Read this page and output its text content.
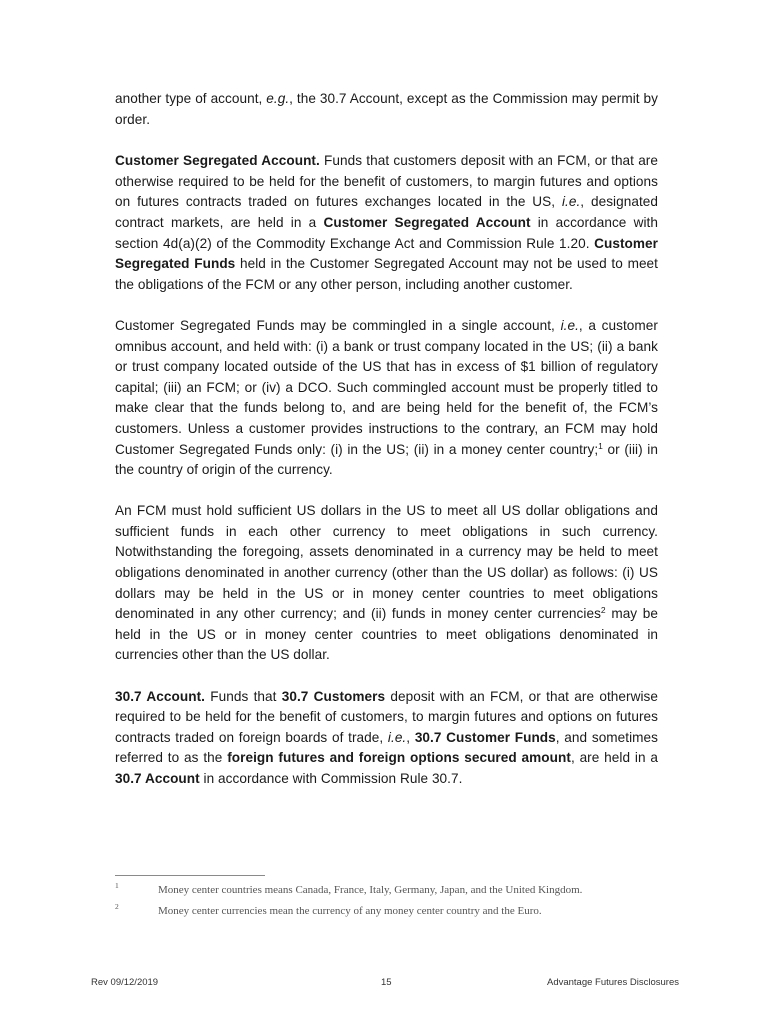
another type of account, e.g., the 30.7 Account, except as the Commission may permit by order.

Customer Segregated Account. Funds that customers deposit with an FCM, or that are otherwise required to be held for the benefit of customers, to margin futures and options on futures contracts traded on futures exchanges located in the US, i.e., designated contract markets, are held in a Customer Segregated Account in accordance with section 4d(a)(2) of the Commodity Exchange Act and Commission Rule 1.20. Customer Segregated Funds held in the Customer Segregated Account may not be used to meet the obligations of the FCM or any other person, including another customer.

Customer Segregated Funds may be commingled in a single account, i.e., a customer omnibus account, and held with: (i) a bank or trust company located in the US; (ii) a bank or trust company located outside of the US that has in excess of $1 billion of regulatory capital; (iii) an FCM; or (iv) a DCO. Such commingled account must be properly titled to make clear that the funds belong to, and are being held for the benefit of, the FCM’s customers. Unless a customer provides instructions to the contrary, an FCM may hold Customer Segregated Funds only: (i) in the US; (ii) in a money center country;$^1$ or (iii) in the country of origin of the currency.

An FCM must hold sufficient US dollars in the US to meet all US dollar obligations and sufficient funds in each other currency to meet obligations in such currency. Notwithstanding the foregoing, assets denominated in a currency may be held to meet obligations denominated in another currency (other than the US dollar) as follows: (i) US dollars may be held in the US or in money center countries to meet obligations denominated in any other currency; and (ii) funds in money center currencies$^2$ may be held in the US or in money center countries to meet obligations denominated in currencies other than the US dollar.

30.7 Account. Funds that 30.7 Customers deposit with an FCM, or that are otherwise required to be held for the benefit of customers, to margin futures and options on futures contracts traded on foreign boards of trade, i.e., 30.7 Customer Funds, and sometimes referred to as the foreign futures and foreign options secured amount, are held in a 30.7 Account in accordance with Commission Rule 30.7.

1	Money center countries means Canada, France, Italy, Germany, Japan, and the United Kingdom.
2	Money center currencies mean the currency of any money center country and the Euro.
Rev 09/12/2019	15	Advantage Futures Disclosures
